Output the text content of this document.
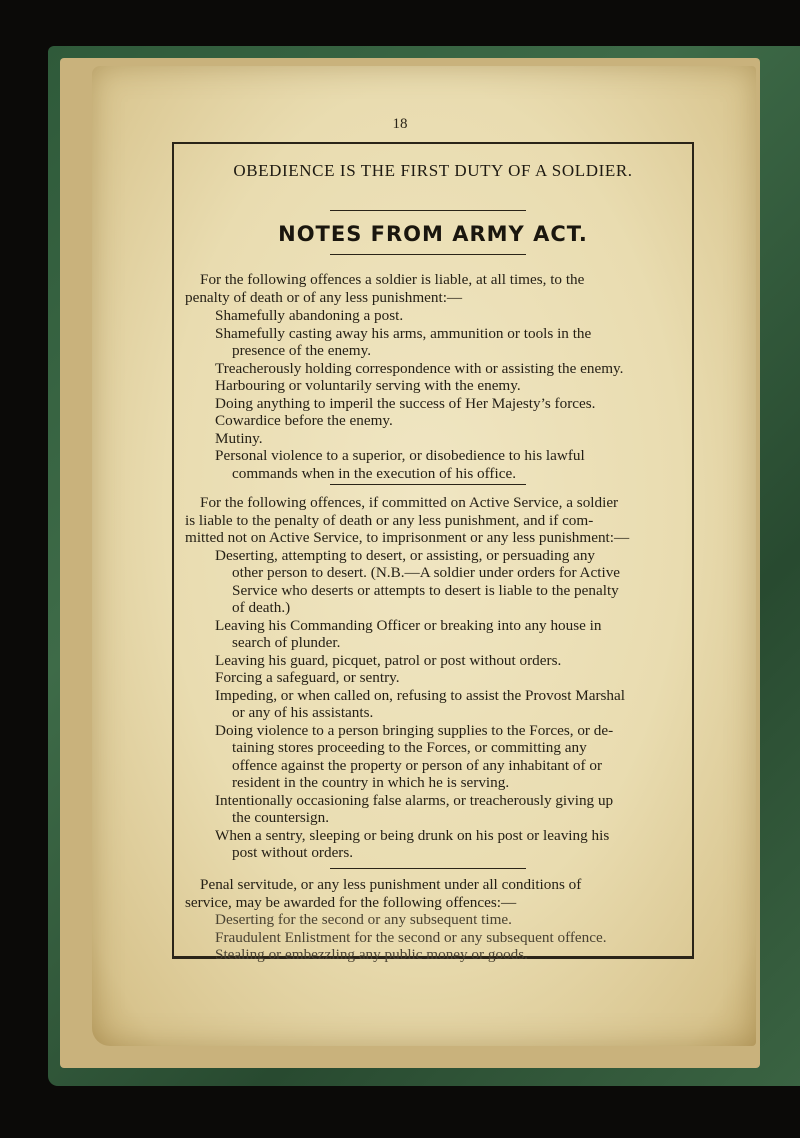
18
OBEDIENCE IS THE FIRST DUTY OF A SOLDIER.
NOTES FROM ARMY ACT.
For the following offences a soldier is liable, at all times, to the
penalty of death or of any less punishment:—
Shamefully abandoning a post.
Shamefully casting away his arms, ammunition or tools in the
presence of the enemy.
Treacherously holding correspondence with or assisting the enemy.
Harbouring or voluntarily serving with the enemy.
Doing anything to imperil the success of Her Majesty’s forces.
Cowardice before the enemy.
Mutiny.
Personal violence to a superior, or disobedience to his lawful
commands when in the execution of his office.
For the following offences, if committed on Active Service, a soldier
is liable to the penalty of death or any less punishment, and if com-
mitted not on Active Service, to imprisonment or any less punishment:—
Deserting, attempting to desert, or assisting, or persuading any
other person to desert. (N.B.—A soldier under orders for Active
Service who deserts or attempts to desert is liable to the penalty
of death.)
Leaving his Commanding Officer or breaking into any house in
search of plunder.
Leaving his guard, picquet, patrol or post without orders.
Forcing a safeguard, or sentry.
Impeding, or when called on, refusing to assist the Provost Marshal
or any of his assistants.
Doing violence to a person bringing supplies to the Forces, or de-
taining stores proceeding to the Forces, or committing any
offence against the property or person of any inhabitant of or
resident in the country in which he is serving.
Intentionally occasioning false alarms, or treacherously giving up
the countersign.
When a sentry, sleeping or being drunk on his post or leaving his
post without orders.
Penal servitude, or any less punishment under all conditions of
service, may be awarded for the following offences:—
Deserting for the second or any subsequent time.
Fraudulent Enlistment for the second or any subsequent offence.
Stealing or embezzling any public money or goods.
